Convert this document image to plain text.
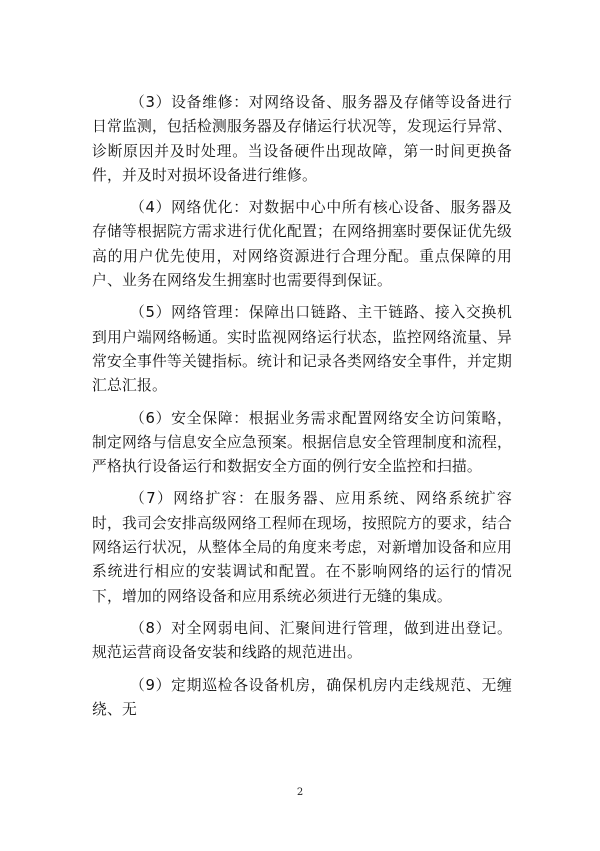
（3）设备维修：对网络设备、服务器及存储等设备进行日常监测，包括检测服务器及存储运行状况等，发现运行异常、诊断原因并及时处理。当设备硬件出现故障，第一时间更换备件，并及时对损坏设备进行维修。

（4）网络优化：对数据中心中所有核心设备、服务器及存储等根据院方需求进行优化配置；在网络拥塞时要保证优先级高的用户优先使用，对网络资源进行合理分配。重点保障的用户、业务在网络发生拥塞时也需要得到保证。

（5）网络管理：保障出口链路、主干链路、接入交换机到用户端网络畅通。实时监视网络运行状态，监控网络流量、异常安全事件等关键指标。统计和记录各类网络安全事件，并定期汇总汇报。

（6）安全保障：根据业务需求配置网络安全访问策略，制定网络与信息安全应急预案。根据信息安全管理制度和流程，严格执行设备运行和数据安全方面的例行安全监控和扫描。

（7）网络扩容：在服务器、应用系统、网络系统扩容时，我司会安排高级网络工程师在现场，按照院方的要求，结合网络运行状况，从整体全局的角度来考虑，对新增加设备和应用系统进行相应的安装调试和配置。在不影响网络的运行的情况下，增加的网络设备和应用系统必须进行无缝的集成。

（8）对全网弱电间、汇聚间进行管理，做到进出登记。规范运营商设备安装和线路的规范进出。

（9）定期巡检各设备机房，确保机房内走线规范、无缠绕、无

2
